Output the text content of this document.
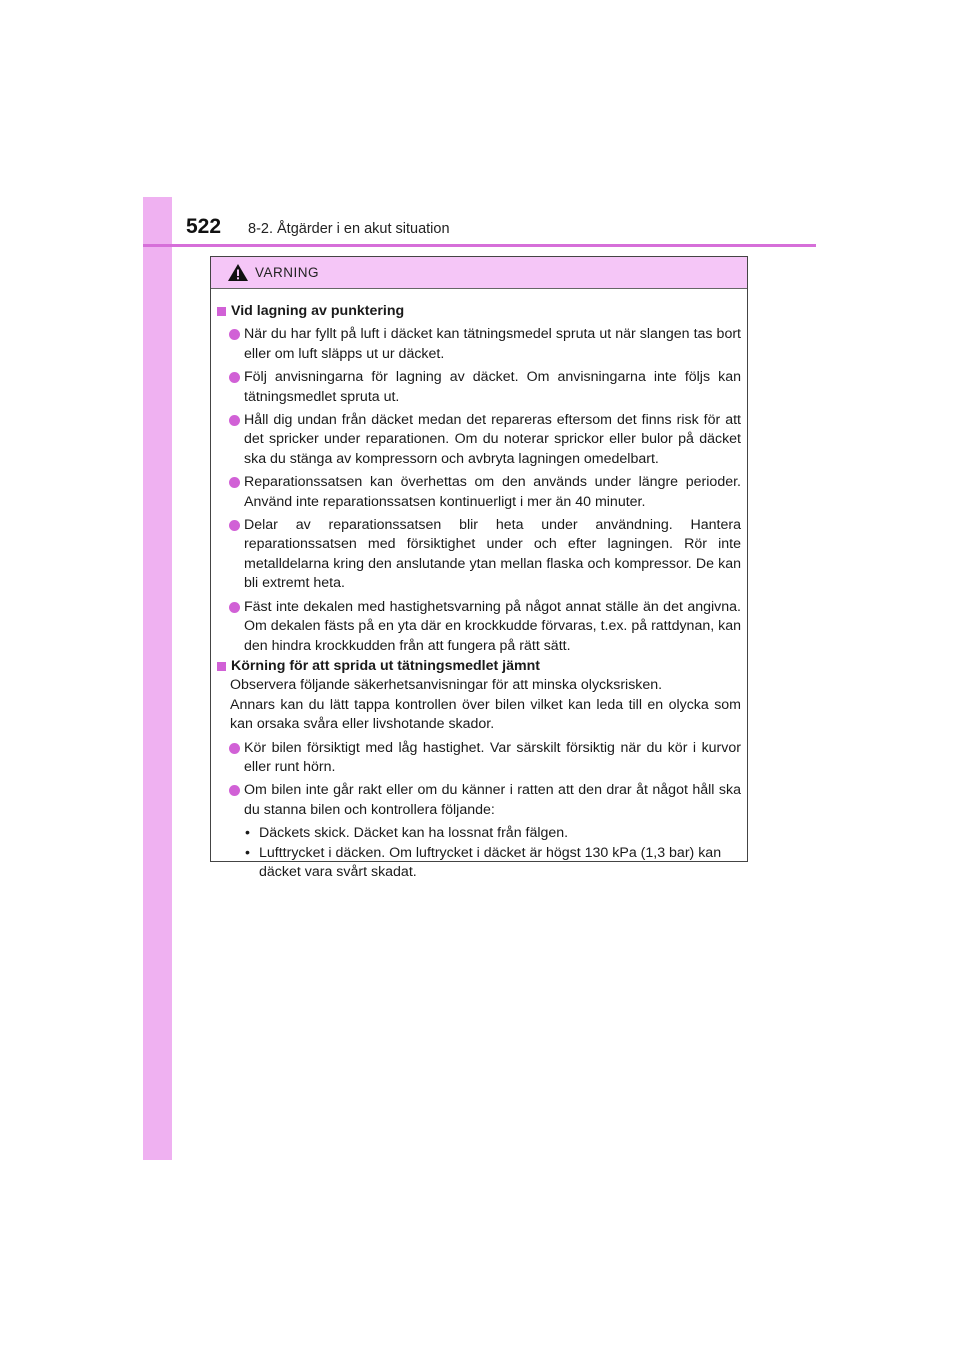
522 8-2. Åtgärder i en akut situation
VARNING
Vid lagning av punktering
När du har fyllt på luft i däcket kan tätningsmedel spruta ut när slangen tas bort eller om luft släpps ut ur däcket.
Följ anvisningarna för lagning av däcket. Om anvisningarna inte följs kan tätningsmedlet spruta ut.
Håll dig undan från däcket medan det repareras eftersom det finns risk för att det spricker under reparationen. Om du noterar sprickor eller bulor på däcket ska du stänga av kompressorn och avbryta lagningen omedelbart.
Reparationssatsen kan överhettas om den används under längre perioder. Använd inte reparationssatsen kontinuerligt i mer än 40 minuter.
Delar av reparationssatsen blir heta under användning. Hantera reparationssatsen med försiktighet under och efter lagningen. Rör inte metalldelarna kring den anslutande ytan mellan flaska och kompressor. De kan bli extremt heta.
Fäst inte dekalen med hastighetsvarning på något annat ställe än det angivna. Om dekalen fästs på en yta där en krockkudde förvaras, t.ex. på rattdynan, kan den hindra krockkudden från att fungera på rätt sätt.
Körning för att sprida ut tätningsmedlet jämnt
Observera följande säkerhetsanvisningar för att minska olycksrisken.
Annars kan du lätt tappa kontrollen över bilen vilket kan leda till en olycka som kan orsaka svåra eller livshotande skador.
Kör bilen försiktigt med låg hastighet. Var särskilt försiktig när du kör i kurvor eller runt hörn.
Om bilen inte går rakt eller om du känner i ratten att den drar åt något håll ska du stanna bilen och kontrollera följande:
• Däckets skick. Däcket kan ha lossnat från fälgen.
• Lufttrycket i däcken. Om luftrycket i däcket är högst 130 kPa (1,3 bar) kan däcket vara svårt skadat.
